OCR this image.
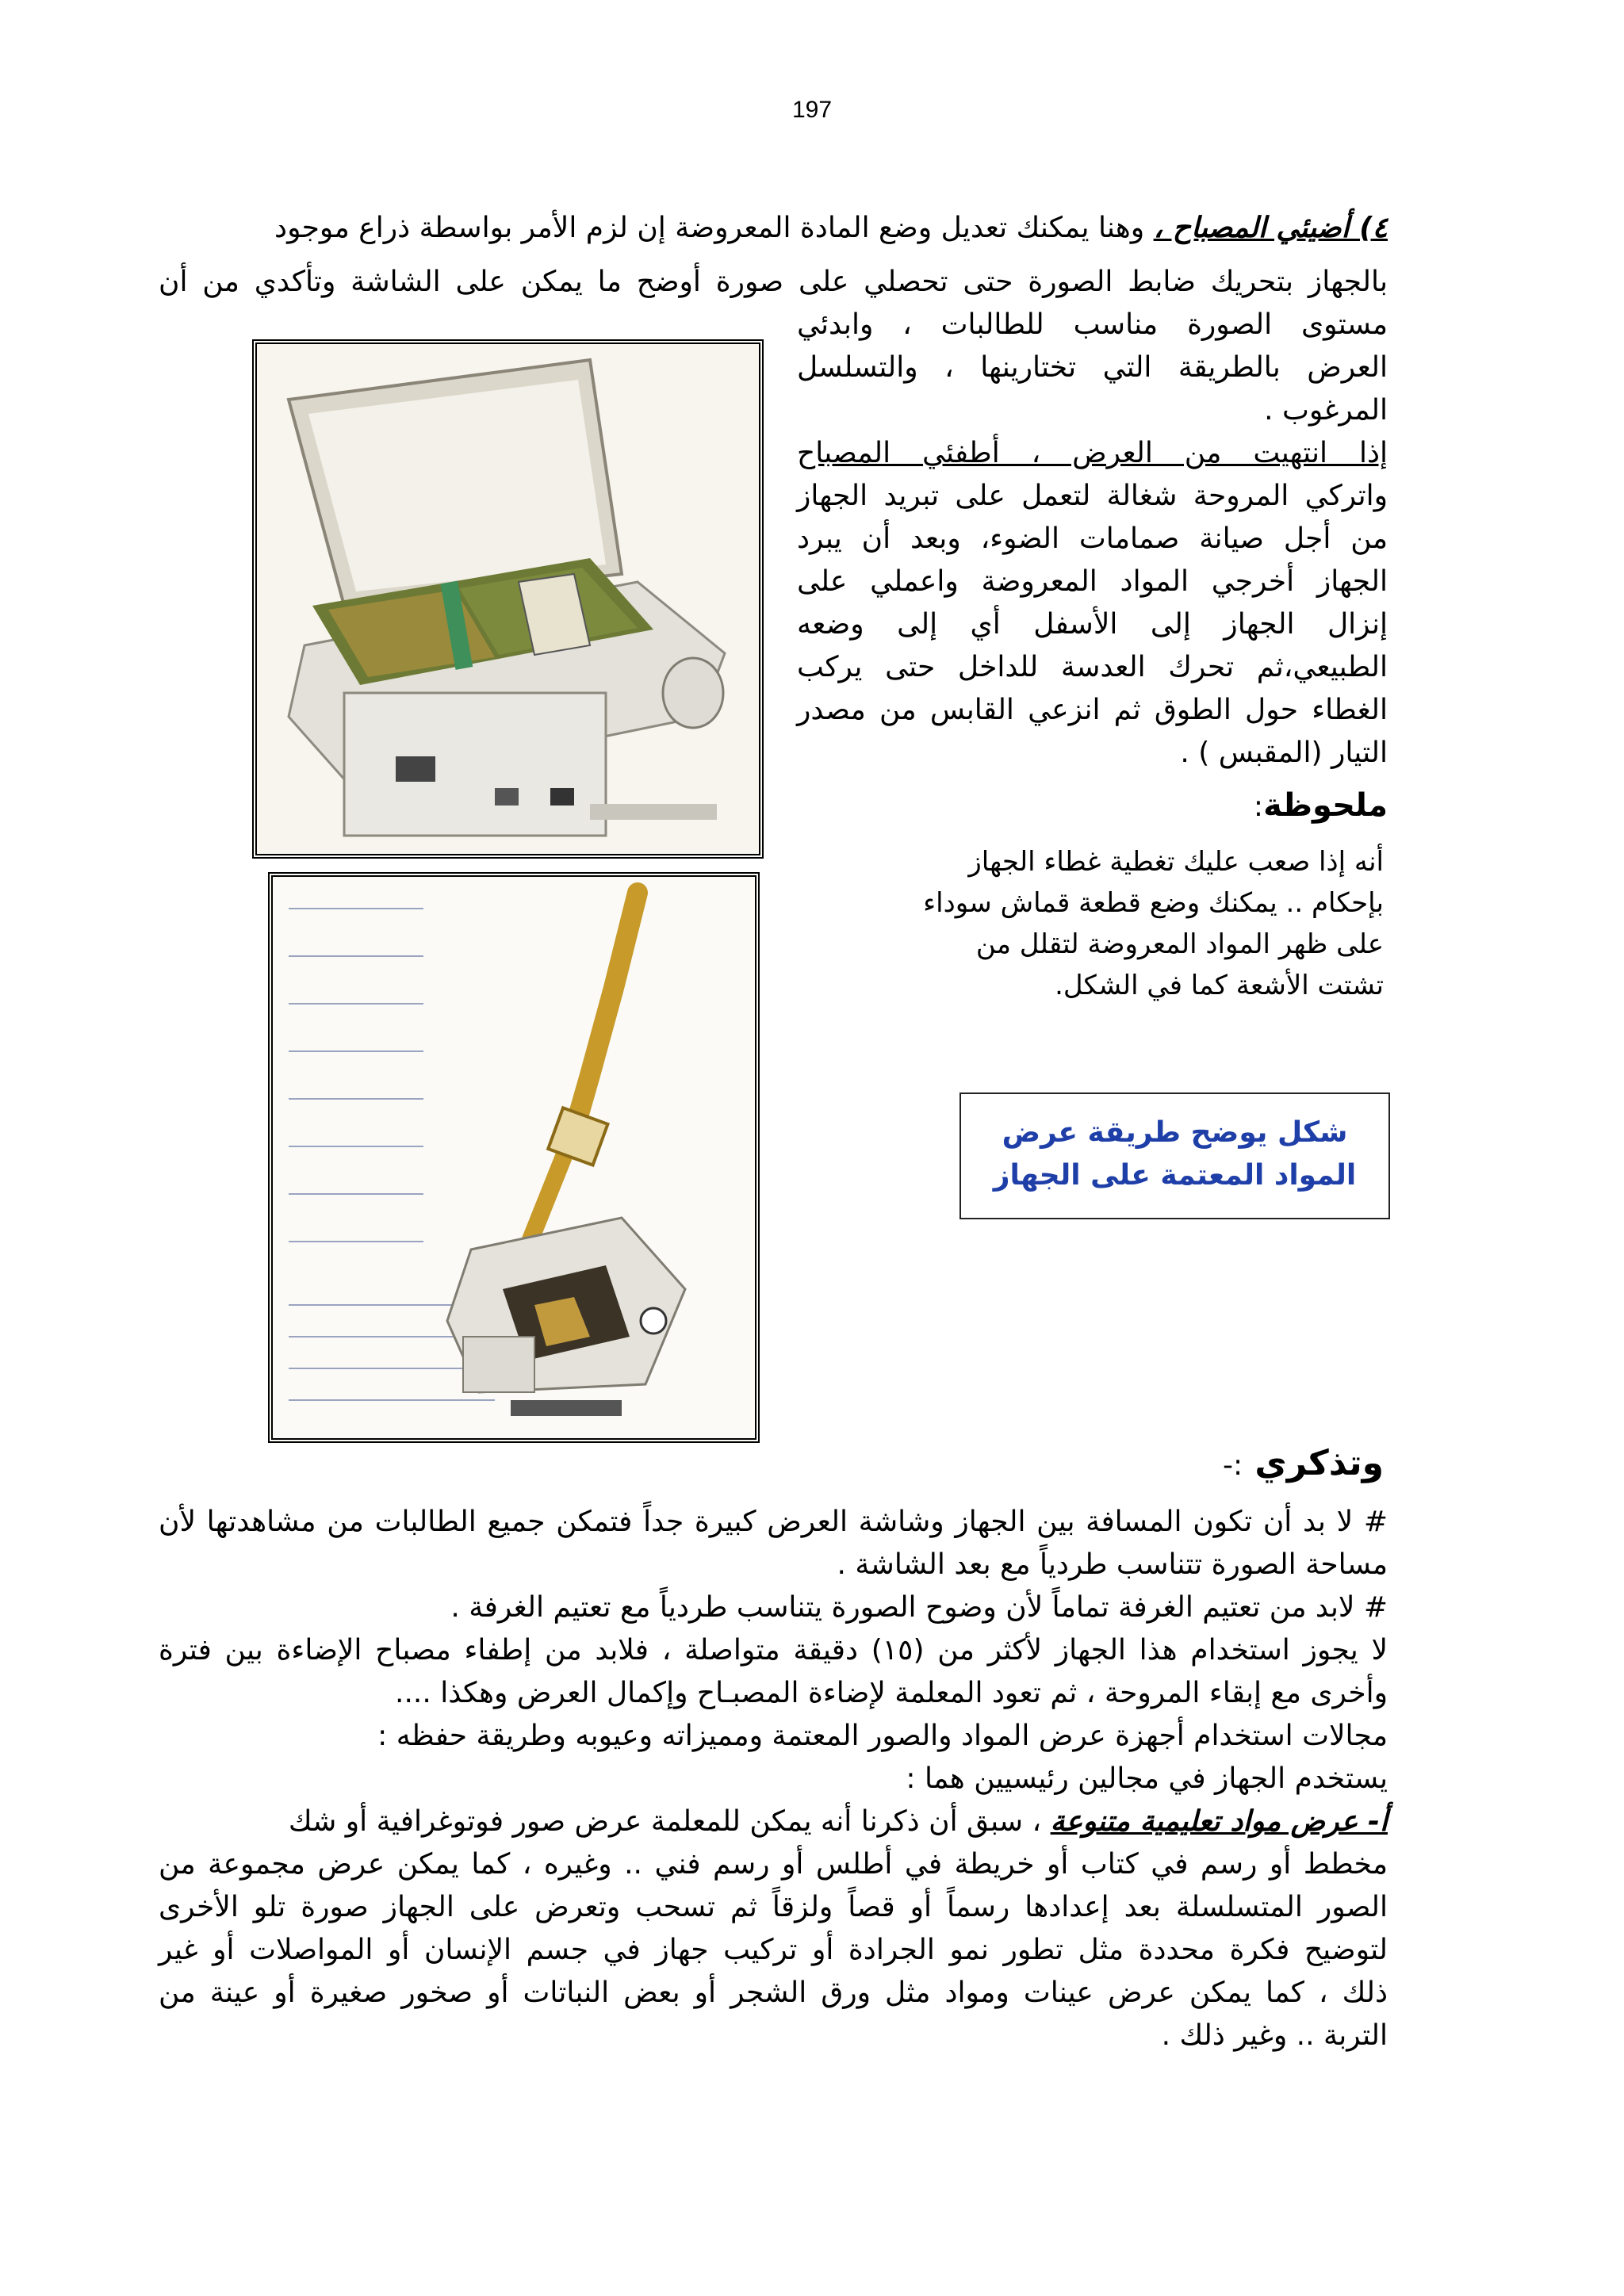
197
٤) أضيئي المصباح ، وهنا يمكنك تعديل وضع المادة المعروضة إن لزم الأمر بواسطة ذراع موجود
بالجهاز بتحريك ضابط الصورة حتى تحصلي على صورة أوضح ما يمكن على الشاشة وتأكدي من أن
مستوى الصورة مناسب للطالبات ، وابدئي
العرض بالطريقة التي تختارينها ، والتسلسل
المرغوب .
إذا انتهيت من العرض ، أطفئي المصباح
واتركي المروحة شغالة لتعمل على تبريد الجهاز
من أجل صيانة صمامات الضوء، وبعد أن يبرد
الجهاز أخرجي المواد المعروضة واعملي على
إنزال الجهاز إلى الأسفل أي إلى وضعه
الطبيعي،ثم تحرك العدسة للداخل حتى يركب
الغطاء حول الطوق ثم انزعي القابس من مصدر
التيار (المقبس ) .
ملحوظة:
أنه إذا صعب عليك تغطية غطاء الجهاز
بإحكام .. يمكنك وضع قطعة قماش سوداء
على ظهر المواد المعروضة لتقلل من
تشتت الأشعة كما في الشكل.
شكل يوضح طريقة عرض
المواد المعتمة على الجهاز
وتذكري :-
# لا بد أن تكون المسافة بين الجهاز وشاشة العرض كبيرة جداً فتمكن جميع الطالبات من مشاهدتها لأن
مساحة الصورة تتناسب طردياً مع بعد الشاشة .
# لابد من تعتيم الغرفة تماماً لأن وضوح الصورة يتناسب طردياً مع تعتيم الغرفة .
لا يجوز استخدام هذا الجهاز لأكثر من (١٥) دقيقة متواصلة ، فلابد من إطفاء مصباح الإضاءة بين فترة
وأخرى مع إبقاء المروحة ، ثم تعود المعلمة لإضاءة المصبـاح وإكمال العرض وهكذا ....
مجالات استخدام أجهزة عرض المواد والصور المعتمة ومميزاته وعيوبه وطريقة حفظه :
يستخدم الجهاز في مجالين رئيسيين هما :
أ- عرض مواد تعليمية متنوعة ، سبق أن ذكرنا أنه يمكن للمعلمة عرض صور فوتوغرافية أو شك
مخطط أو رسم في كتاب أو خريطة في أطلس أو رسم فني .. وغيره ، كما يمكن عرض مجموعة من
الصور المتسلسلة بعد إعدادها رسماً أو قصاً ولزقاً ثم تسحب وتعرض على الجهاز صورة تلو الأخرى
لتوضيح فكرة محددة مثل تطور نمو الجرادة أو تركيب جهاز في جسم الإنسان أو المواصلات أو غير
ذلك ، كما يمكن عرض عينات ومواد مثل ورق الشجر أو بعض النباتات أو صخور صغيرة أو عينة من
التربة .. وغير ذلك .
